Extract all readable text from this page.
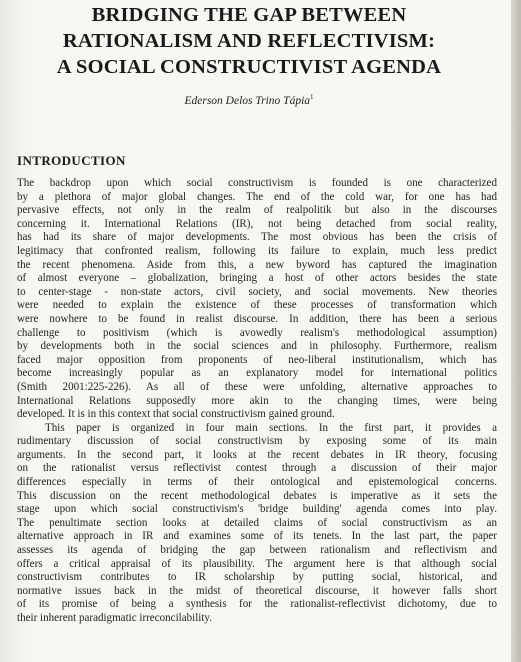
BRIDGING THE GAP BETWEEN
RATIONALISM AND REFLECTIVISM:
A SOCIAL CONSTRUCTIVIST AGENDA
Ederson Delos Trino Tápia$^1$
INTRODUCTION
The backdrop upon which social constructivism is founded is one characterized
by a plethora of major global changes. The end of the cold war, for one has had
pervasive effects, not only in the realm of realpolitik but also in the discourses
concerning it. International Relations (IR), not being detached from social reality,
has had its share of major developments. The most obvious has been the crisis of
legitimacy that confronted realism, following its failure to explain, much less predict
the recent phenomena. Aside from this, a new byword has captured the imagination
of almost everyone – globalization, bringing a host of other actors besides the state
to center-stage - non-state actors, civil society, and social movements. New theories
were needed to explain the existence of these processes of transformation which
were nowhere to be found in realist discourse. In addition, there has been a serious
challenge to positivism (which is avowedly realism's methodological assumption)
by developments both in the social sciences and in philosophy. Furthermore, realism
faced major opposition from proponents of neo-liberal institutionalism, which has
become increasingly popular as an explanatory model for international politics
(Smith 2001:225-226). As all of these were unfolding, alternative approaches to
International Relations supposedly more akin to the changing times, were being
developed. It is in this context that social constructivism gained ground.
This paper is organized in four main sections. In the first part, it provides a
rudimentary discussion of social constructivism by exposing some of its main
arguments. In the second part, it looks at the recent debates in IR theory, focusing
on the rationalist versus reflectivist contest through a discussion of their major
differences especially in terms of their ontological and epistemological concerns.
This discussion on the recent methodological debates is imperative as it sets the
stage upon which social constructivism's 'bridge building' agenda comes into play.
The penultimate section looks at detailed claims of social constructivism as an
alternative approach in IR and examines some of its tenets. In the last part, the paper
assesses its agenda of bridging the gap between rationalism and reflectivism and
offers a critical appraisal of its plausibility. The argument here is that although social
constructivism contributes to IR scholarship by putting social, historical, and
normative issues back in the midst of theoretical discourse, it however falls short
of its promise of being a synthesis for the rationalist-reflectivist dichotomy, due to
their inherent paradigmatic irreconcilability.
